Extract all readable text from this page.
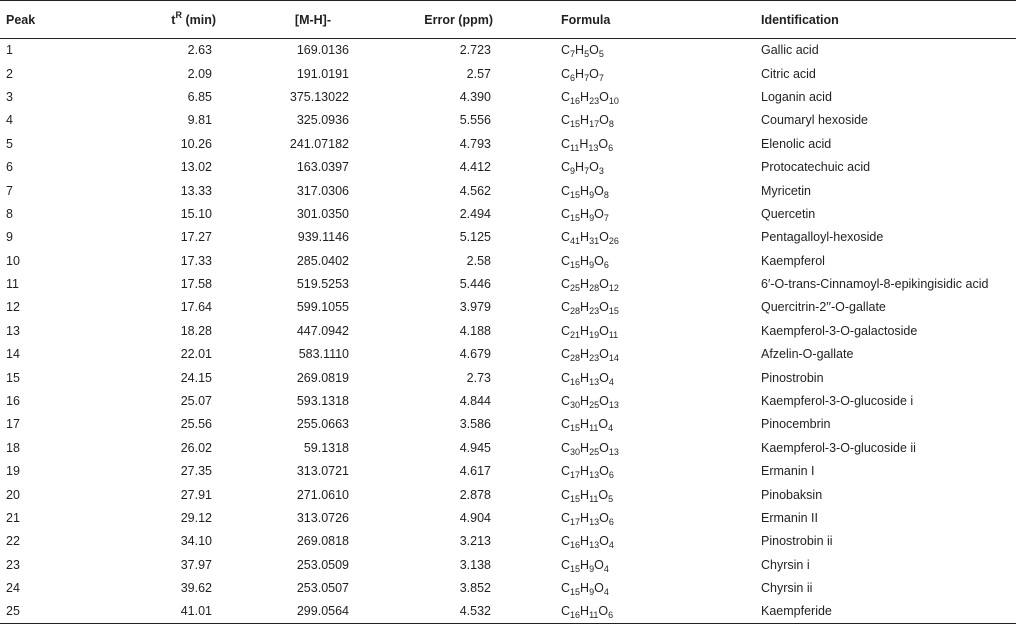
Peak	$t^R$ (min)	[M-H]-	Error (ppm)		Formula	Identification
1	2.63	169.0136	2.723		$C_7H_5O_5$	Gallic acid
2	2.09	191.0191	2.57		$C_6H_7O_7$	Citric acid
3	6.85	375.13022	4.390		$C_{16}H_{23}O_{10}$	Loganin acid
4	9.81	325.0936	5.556		$C_{15}H_{17}O_8$	Coumaryl hexoside
5	10.26	241.07182	4.793		$C_{11}H_{13}O_6$	Elenolic acid
6	13.02	163.0397	4.412		$C_9H_7O_3$	Protocatechuic acid
7	13.33	317.0306	4.562		$C_{15}H_9O_8$	Myricetin
8	15.10	301.0350	2.494		$C_{15}H_9O_7$	Quercetin
9	17.27	939.1146	5.125		$C_{41}H_{31}O_{26}$	Pentagalloyl-hexoside
10	17.33	285.0402	2.58		$C_{15}H_9O_6$	Kaempferol
11	17.58	519.5253	5.446		$C_{25}H_{28}O_{12}$	6′-O-trans-Cinnamoyl-8-epikingisidic acid
12	17.64	599.1055	3.979		$C_{28}H_{23}O_{15}$	Quercitrin-2′′-O-gallate
13	18.28	447.0942	4.188		$C_{21}H_{19}O_{11}$	Kaempferol-3-O-galactoside
14	22.01	583.1110	4.679		$C_{28}H_{23}O_{14}$	Afzelin-O-gallate
15	24.15	269.0819	2.73		$C_{16}H_{13}O_4$	Pinostrobin
16	25.07	593.1318	4.844		$C_{30}H_{25}O_{13}$	Kaempferol-3-O-glucoside i
17	25.56	255.0663	3.586		$C_{15}H_{11}O_4$	Pinocembrin
18	26.02	59.1318	4.945		$C_{30}H_{25}O_{13}$	Kaempferol-3-O-glucoside ii
19	27.35	313.0721	4.617		$C_{17}H_{13}O_6$	Ermanin I
20	27.91	271.0610	2.878		$C_{15}H_{11}O_5$	Pinobaksin
21	29.12	313.0726	4.904		$C_{17}H_{13}O_6$	Ermanin II
22	34.10	269.0818	3.213		$C_{16}H_{13}O_4$	Pinostrobin ii
23	37.97	253.0509	3.138		$C_{15}H_9O_4$	Chyrsin i
24	39.62	253.0507	3.852		$C_{15}H_9O_4$	Chyrsin ii
25	41.01	299.0564	4.532		$C_{16}H_{11}O_6$	Kaempferide
